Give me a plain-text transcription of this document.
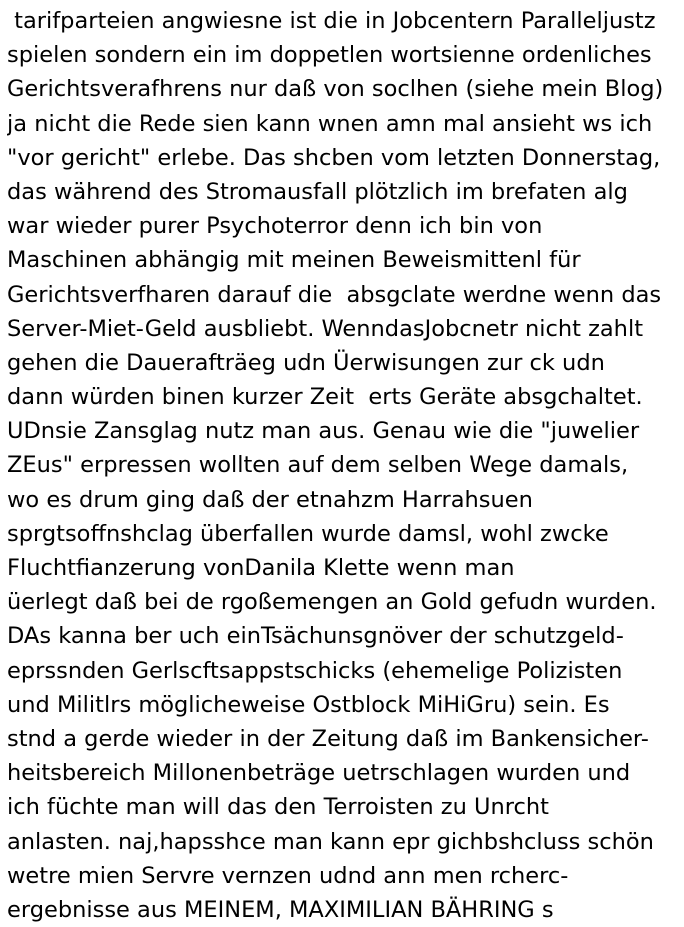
tarifparteien angwiesne ist die in Jobcentern Paralleljustz
spielen sondern ein im doppetlen wortsienne ordenliches
Gerichtsverafhrens nur daß von soclhen (siehe mein Blog)
ja nicht die Rede sien kann wnen amn mal ansieht ws ich
"vor gericht" erlebe. Das shcben vom letzten Donnerstag,
das während des Stromausfall plötzlich im brefaten alg
war wieder purer Psychoterror denn ich bin von
Maschinen abhängig mit meinen Beweismittenl für
Gerichtsverfharen darauf die  absgclate werdne wenn das
Server-Miet-Geld ausbliebt. WenndasJobcnetr nicht zahlt
gehen die Dauerafträeg udn Üerwisungen zur ck udn
dann würden binen kurzer Zeit  erts Geräte absgchaltet.
UDnsie Zansglag nutz man aus. Genau wie die "juwelier
ZEus" erpressen wollten auf dem selben Wege damals,
wo es drum ging daß der etnahzm Harrahsuen
sprgtsoffnshclag überfallen wurde damsl, wohl zwcke
Fluchtfianzerung vonDanila Klette wenn man
üerlegt daß bei de rgoßemengen an Gold gefudn wurden.
DAs kanna ber uch einTsächunsgnöver der schutzgeld-
eprssnden Gerlscftsappstschicks (ehemelige Polizisten
und Militlrs möglicheweise Ostblock MiHiGru) sein. Es
stnd a gerde wieder in der Zeitung daß im Bankensicher-
heitsbereich Millonenbeträge uetrschlagen wurden und
ich füchte man will das den Terroisten zu Unrcht
anlasten. naj,hapsshce man kann epr gichbshcluss schön
wetre mien Servre vernzen udnd ann men rcherc-
ergebnisse aus MEINEM, MAXIMILIAN BÄHRING s
